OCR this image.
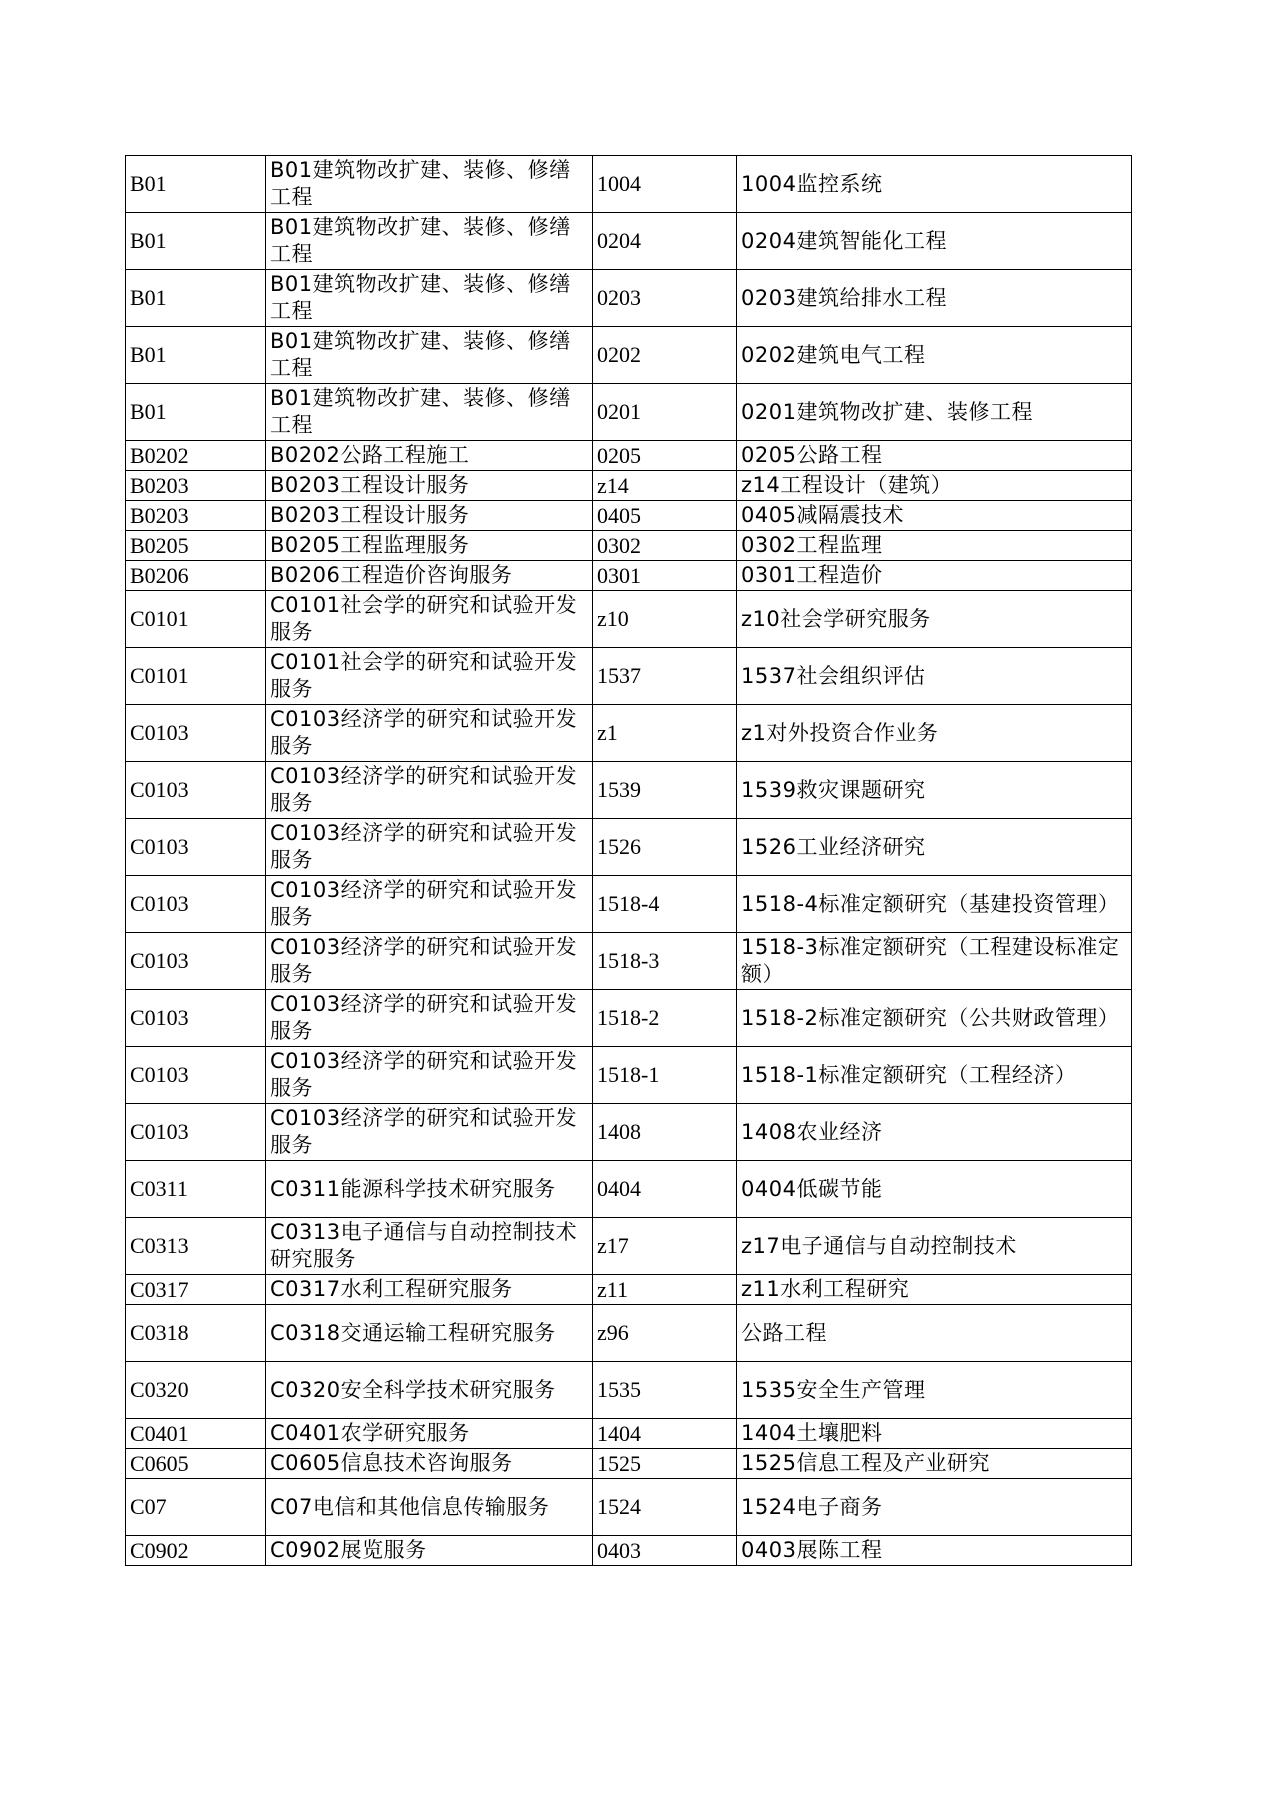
B01	B01建筑物改扩建、装修、修缮工程	1004	1004监控系统
B01	B01建筑物改扩建、装修、修缮工程	0204	0204建筑智能化工程
B01	B01建筑物改扩建、装修、修缮工程	0203	0203建筑给排水工程
B01	B01建筑物改扩建、装修、修缮工程	0202	0202建筑电气工程
B01	B01建筑物改扩建、装修、修缮工程	0201	0201建筑物改扩建、装修工程
B0202	B0202公路工程施工	0205	0205公路工程
B0203	B0203工程设计服务	z14	z14工程设计（建筑）
B0203	B0203工程设计服务	0405	0405减隔震技术
B0205	B0205工程监理服务	0302	0302工程监理
B0206	B0206工程造价咨询服务	0301	0301工程造价
C0101	C0101社会学的研究和试验开发服务	z10	z10社会学研究服务
C0101	C0101社会学的研究和试验开发服务	1537	1537社会组织评估
C0103	C0103经济学的研究和试验开发服务	z1	z1对外投资合作业务
C0103	C0103经济学的研究和试验开发服务	1539	1539救灾课题研究
C0103	C0103经济学的研究和试验开发服务	1526	1526工业经济研究
C0103	C0103经济学的研究和试验开发服务	1518-4	1518-4标准定额研究（基建投资管理）
C0103	C0103经济学的研究和试验开发服务	1518-3	1518-3标准定额研究（工程建设标准定额）
C0103	C0103经济学的研究和试验开发服务	1518-2	1518-2标准定额研究（公共财政管理）
C0103	C0103经济学的研究和试验开发服务	1518-1	1518-1标准定额研究（工程经济）
C0103	C0103经济学的研究和试验开发服务	1408	1408农业经济
C0311	C0311能源科学技术研究服务	0404	0404低碳节能
C0313	C0313电子通信与自动控制技术研究服务	z17	z17电子通信与自动控制技术
C0317	C0317水利工程研究服务	z11	z11水利工程研究
C0318	C0318交通运输工程研究服务	z96	公路工程
C0320	C0320安全科学技术研究服务	1535	1535安全生产管理
C0401	C0401农学研究服务	1404	1404土壤肥料
C0605	C0605信息技术咨询服务	1525	1525信息工程及产业研究
C07	C07电信和其他信息传输服务	1524	1524电子商务
C0902	C0902展览服务	0403	0403展陈工程
